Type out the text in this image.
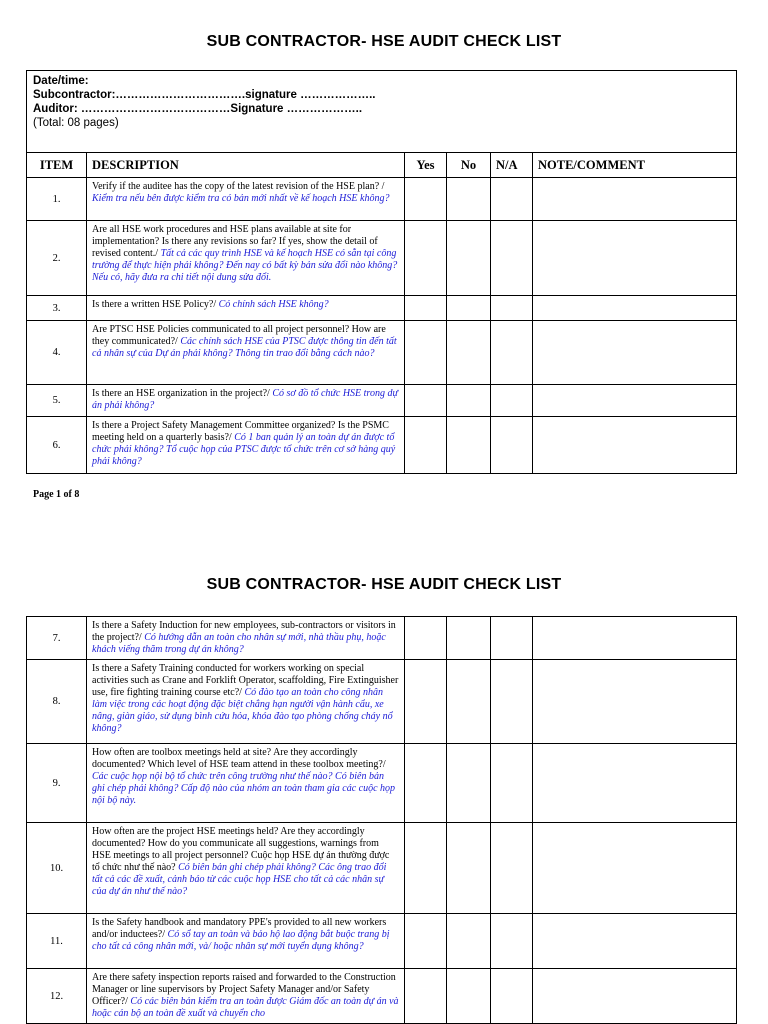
SUB CONTRACTOR- HSE AUDIT CHECK LIST
Date/time:
Subcontractor:…………………………….signature ………………..
Auditor: …………………………………Signature ………………..
(Total: 08 pages)					

ITEM	DESCRIPTION	Yes	No	N/A	NOTE/COMMENT
1.	Verify if the auditee has the copy of the latest revision of the HSE plan? / Kiểm tra nếu bên được kiểm tra có bản mới nhất về kế hoạch HSE không?				
2.	Are all HSE work procedures and HSE plans available at site for implementation? Is there any revisions so far? If yes, show the detail of revised content./ Tất cả các quy trình HSE và kế hoạch HSE có sẵn tại công trường để thực hiện phải không? Đến nay có bất kỳ bản sửa đổi nào không? Nếu có, hãy đưa ra chi tiết nội dung sửa đổi.				
3.	Is there a written HSE Policy?/ Có chính sách HSE không?				
4.	Are PTSC HSE Policies communicated to all project personnel? How are they communicated?/ Các chính sách HSE của PTSC được thông tin đến tất cả nhân sự của Dự án phải không? Thông tin trao đổi bằng cách nào?				
5.	Is there an HSE organization in the project?/ Có sơ đồ tổ chức HSE trong dự án phải không?				
6.	Is there a Project Safety Management Committee organized? Is the PSMC meeting held on a quarterly basis?/ Có 1 ban quản lý an toàn dự án được tổ chức phải không? Tổ cuộc họp của PTSC được tổ chức trên cơ sở hàng quý phải không?				
Page 1 of 8
SUB CONTRACTOR- HSE AUDIT CHECK LIST
7.	Is there a Safety Induction for new employees, sub-contractors or visitors in the project?/ Có hướng dẫn an toàn cho nhân sự mới, nhà thầu phụ, hoặc khách viếng thăm trong dự án không?				
8.	Is there a Safety Training conducted for workers working on special activities such as Crane and Forklift Operator, scaffolding, Fire Extinguisher use, fire fighting training course etc?/ Có đào tạo an toàn cho công nhân làm việc trong các hoạt động đặc biệt chẳng hạn người vận hành cẩu, xe nâng, giàn giáo, sử dụng bình cứu hỏa, khóa đào tạo phòng chống cháy nổ không?				
9.	How often are toolbox meetings held at site? Are they accordingly documented? Which level of HSE team attend in these toolbox meeting?/ Các cuộc họp nội bộ tổ chức trên công trường như thế nào? Có biên bản ghi chép phải không? Cấp độ nào của nhóm an toàn tham gia các cuộc họp nội bộ này.				
10.	How often are the project HSE meetings held? Are they accordingly documented? How do you communicate all suggestions, warnings from HSE meetings to all project personnel? Cuộc họp HSE dự án thường được tổ chức như thế nào? Có biên bản ghi chép phải không? Các ông trao đổi tất cả các đề xuất, cảnh báo từ các cuộc họp HSE cho tất cả các nhân sự của dự án như thế nào?				
11.	Is the Safety handbook and mandatory PPE's provided to all new workers and/or inductees?/ Có sổ tay an toàn và bảo hộ lao động bắt buộc trang bị cho tất cả công nhân mới, và/ hoặc nhân sự mới tuyển dụng không?				
12.	Are there safety inspection reports raised and forwarded to the Construction Manager or line supervisors by Project Safety Manager and/or Safety Officer?/ Có các biên bản kiểm tra an toàn được Giám đốc an toàn dự án và hoặc cán bộ an toàn đề xuất và chuyển cho				
